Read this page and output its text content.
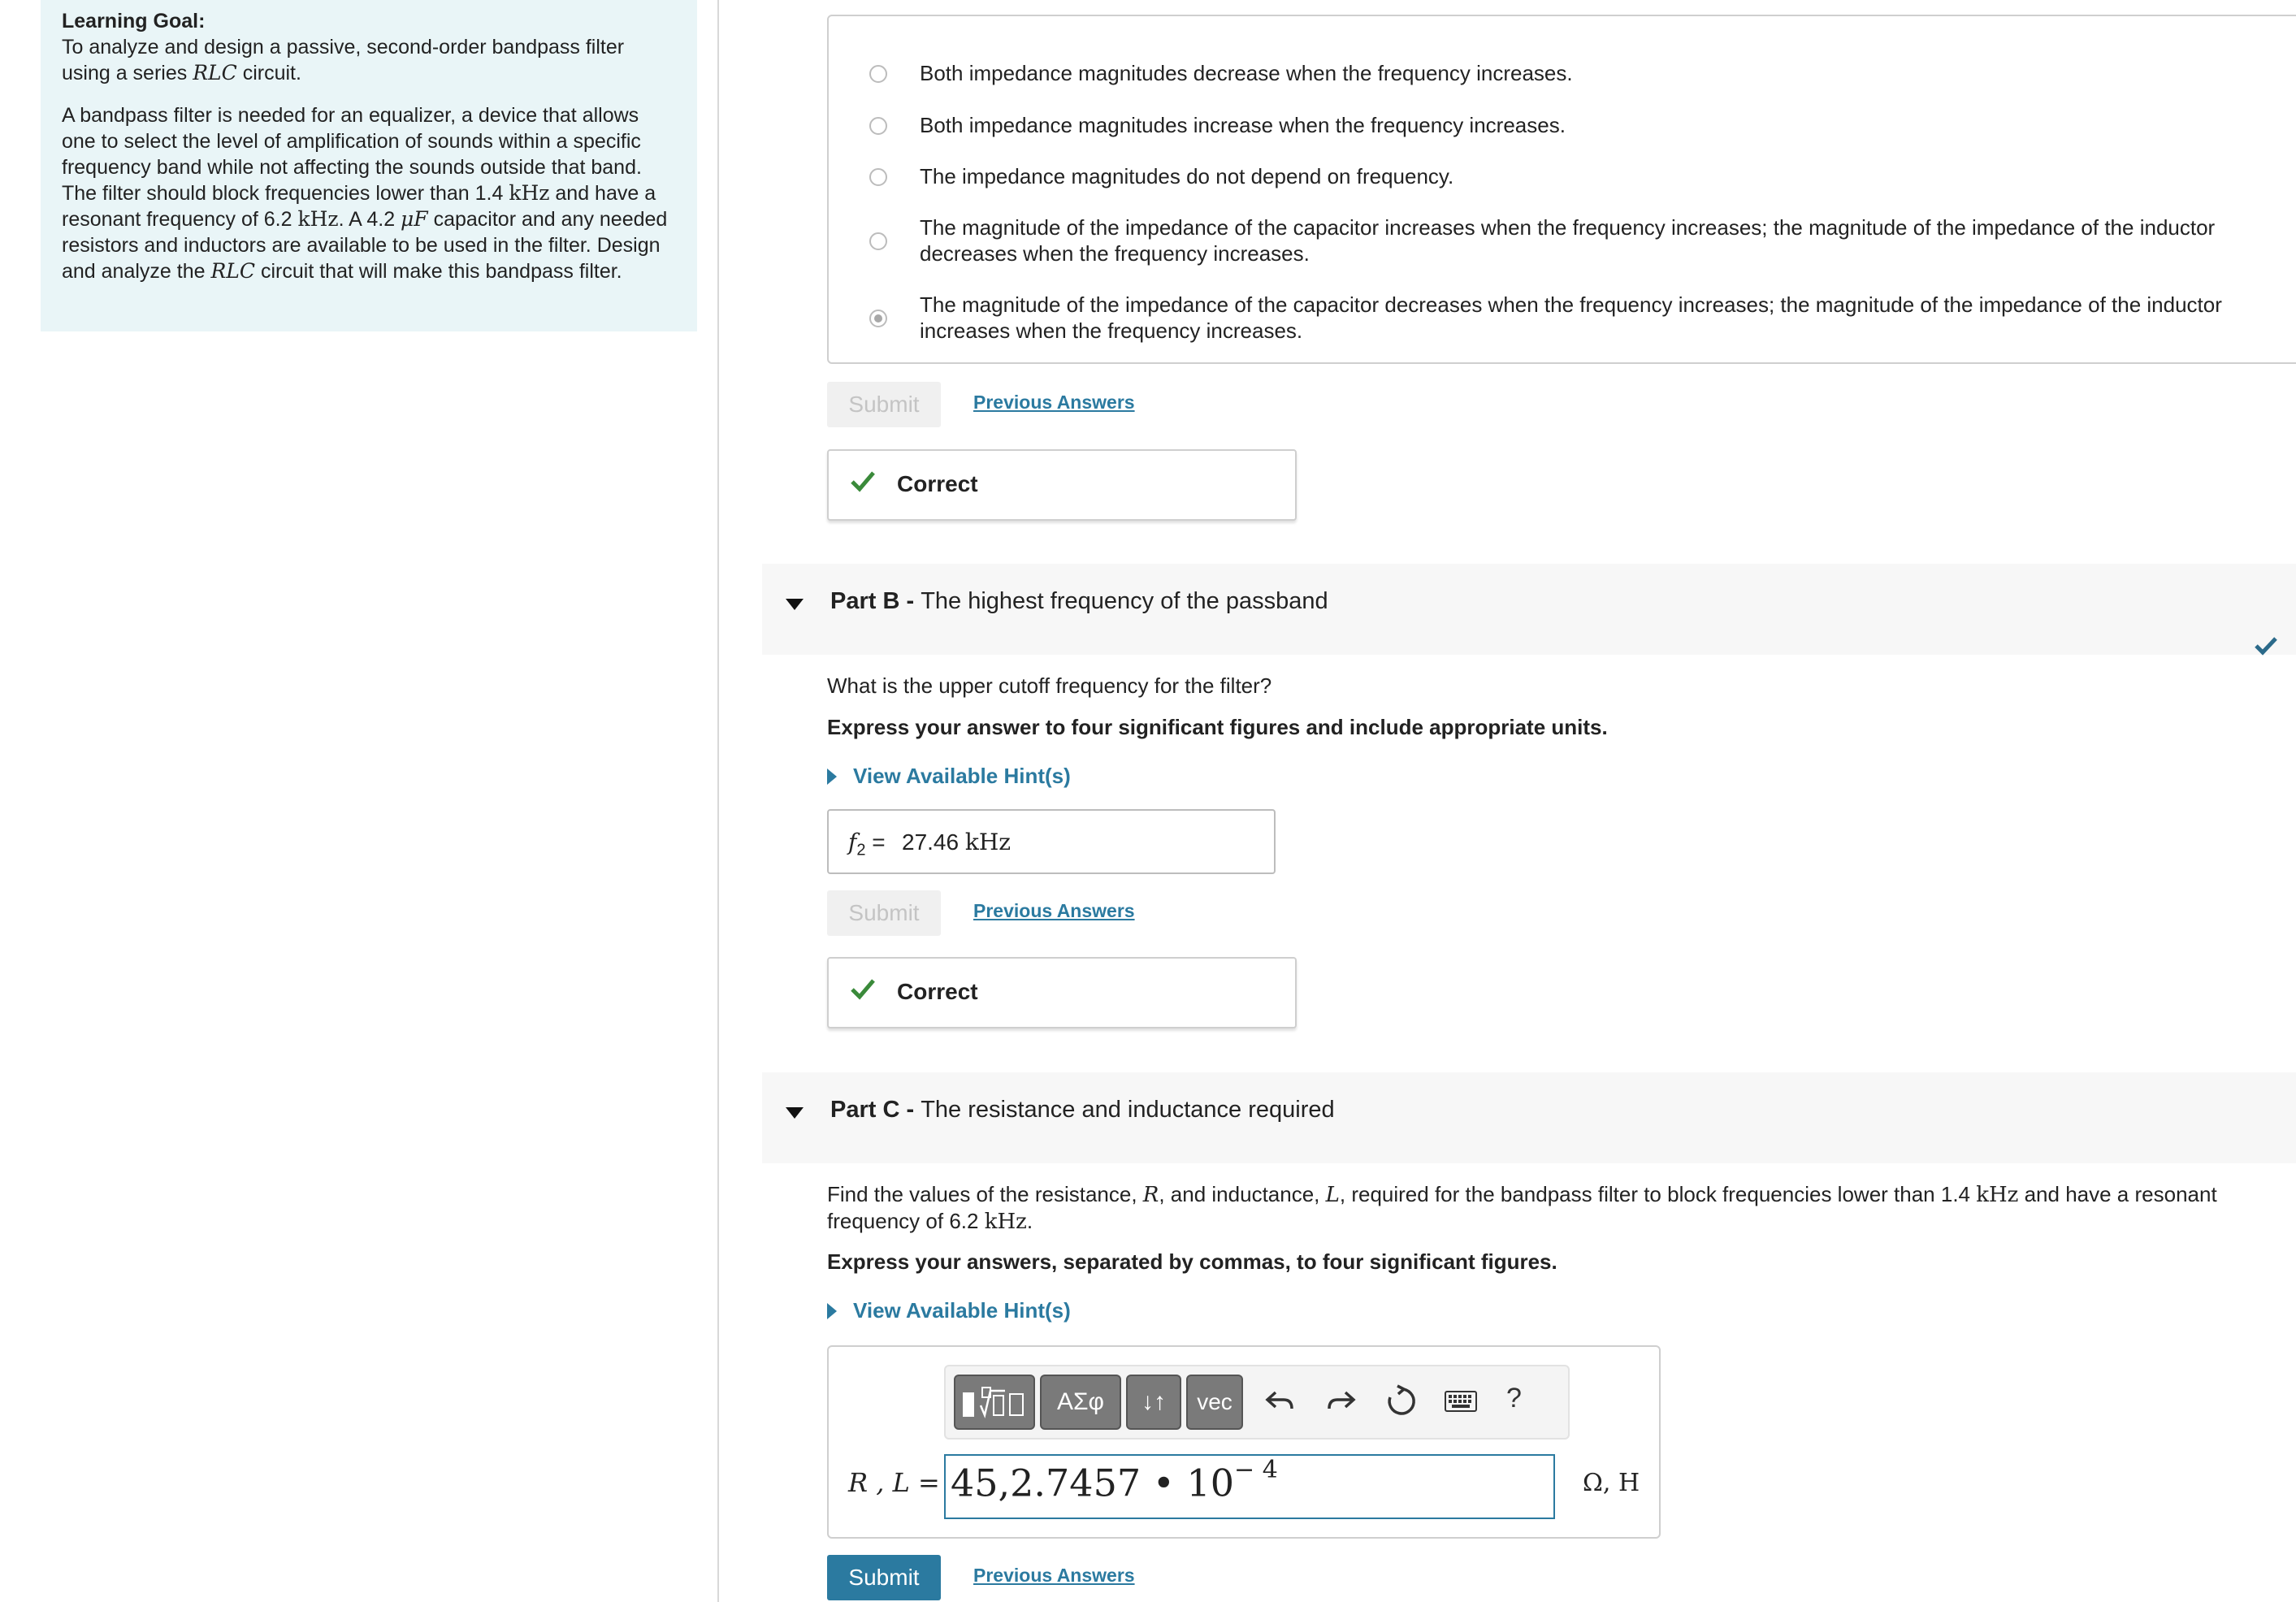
Learning Goal:

To analyze and design a passive, second-order bandpass filter using a series RLC circuit.

A bandpass filter is needed for an equalizer, a device that allows one to select the level of amplification of sounds within a specific frequency band while not affecting the sounds outside that band. The filter should block frequencies lower than 1.4 kHz and have a resonant frequency of 6.2 kHz. A 4.2 μF capacitor and any needed resistors and inductors are available to be used in the filter. Design and analyze the RLC circuit that will make this bandpass filter.

Both impedance magnitudes decrease when the frequency increases.
Both impedance magnitudes increase when the frequency increases.
The impedance magnitudes do not depend on frequency.
The magnitude of the impedance of the capacitor increases when the frequency increases; the magnitude of the impedance of the inductor decreases when the frequency increases.
The magnitude of the impedance of the capacitor decreases when the frequency increases; the magnitude of the impedance of the inductor increases when the frequency increases.
Submit	Previous Answers
Correct
Part B - The highest frequency of the passband
What is the upper cutoff frequency for the filter?
Express your answer to four significant figures and include appropriate units.
View Available Hint(s)
$f_2 = 27.46$ kHz
Submit	Previous Answers
Correct
Part C - The resistance and inductance required
Find the values of the resistance, R, and inductance, L, required for the bandpass filter to block frequencies lower than 1.4 kHz and have a resonant frequency of 6.2 kHz.
Express your answers, separated by commas, to four significant figures.
View Available Hint(s)
ΑΣφ	↓↑	vec	?
R , L = 45,2.7457 • $10^{- 4}$	Ω, H
Submit	Previous Answers
